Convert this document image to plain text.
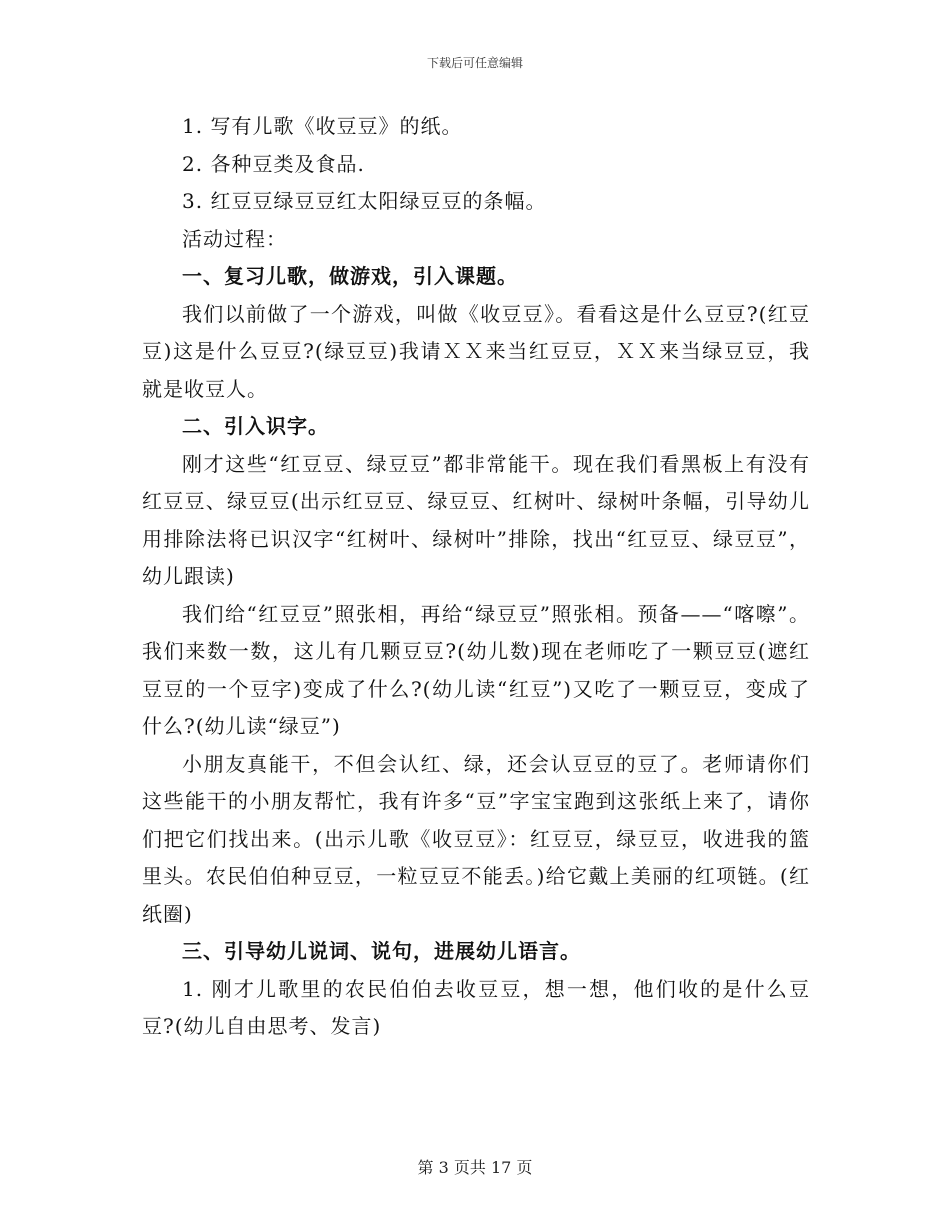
下载后可任意编辑

1. 写有儿歌《收豆豆》的纸。

2. 各种豆类及食品.

3. 红豆豆绿豆豆红太阳绿豆豆的条幅。

活动过程：

一、复习儿歌，做游戏，引入课题。

我们以前做了一个游戏，叫做《收豆豆》。看看这是什么豆豆?(红豆豆)这是什么豆豆?(绿豆豆)我请ＸＸ来当红豆豆，ＸＸ来当绿豆豆，我就是收豆人。

二、引入识字。

刚才这些“红豆豆、绿豆豆”都非常能干。现在我们看黑板上有没有红豆豆、绿豆豆(出示红豆豆、绿豆豆、红树叶、绿树叶条幅，引导幼儿用排除法将已识汉字“红树叶、绿树叶”排除，找出“红豆豆、绿豆豆”，幼儿跟读)

我们给“红豆豆”照张相，再给“绿豆豆”照张相。预备——“喀嚓”。我们来数一数，这儿有几颗豆豆?(幼儿数)现在老师吃了一颗豆豆(遮红豆豆的一个豆字)变成了什么?(幼儿读“红豆”)又吃了一颗豆豆，变成了什么?(幼儿读“绿豆”)

小朋友真能干，不但会认红、绿，还会认豆豆的豆了。老师请你们这些能干的小朋友帮忙，我有许多“豆”字宝宝跑到这张纸上来了，请你们把它们找出来。(出示儿歌《收豆豆》：红豆豆，绿豆豆，收进我的篮里头。农民伯伯种豆豆，一粒豆豆不能丢。)给它戴上美丽的红项链。(红纸圈)

三、引导幼儿说词、说句，进展幼儿语言。

1. 刚才儿歌里的农民伯伯去收豆豆，想一想，他们收的是什么豆豆?(幼儿自由思考、发言)

第 3 页共 17 页
